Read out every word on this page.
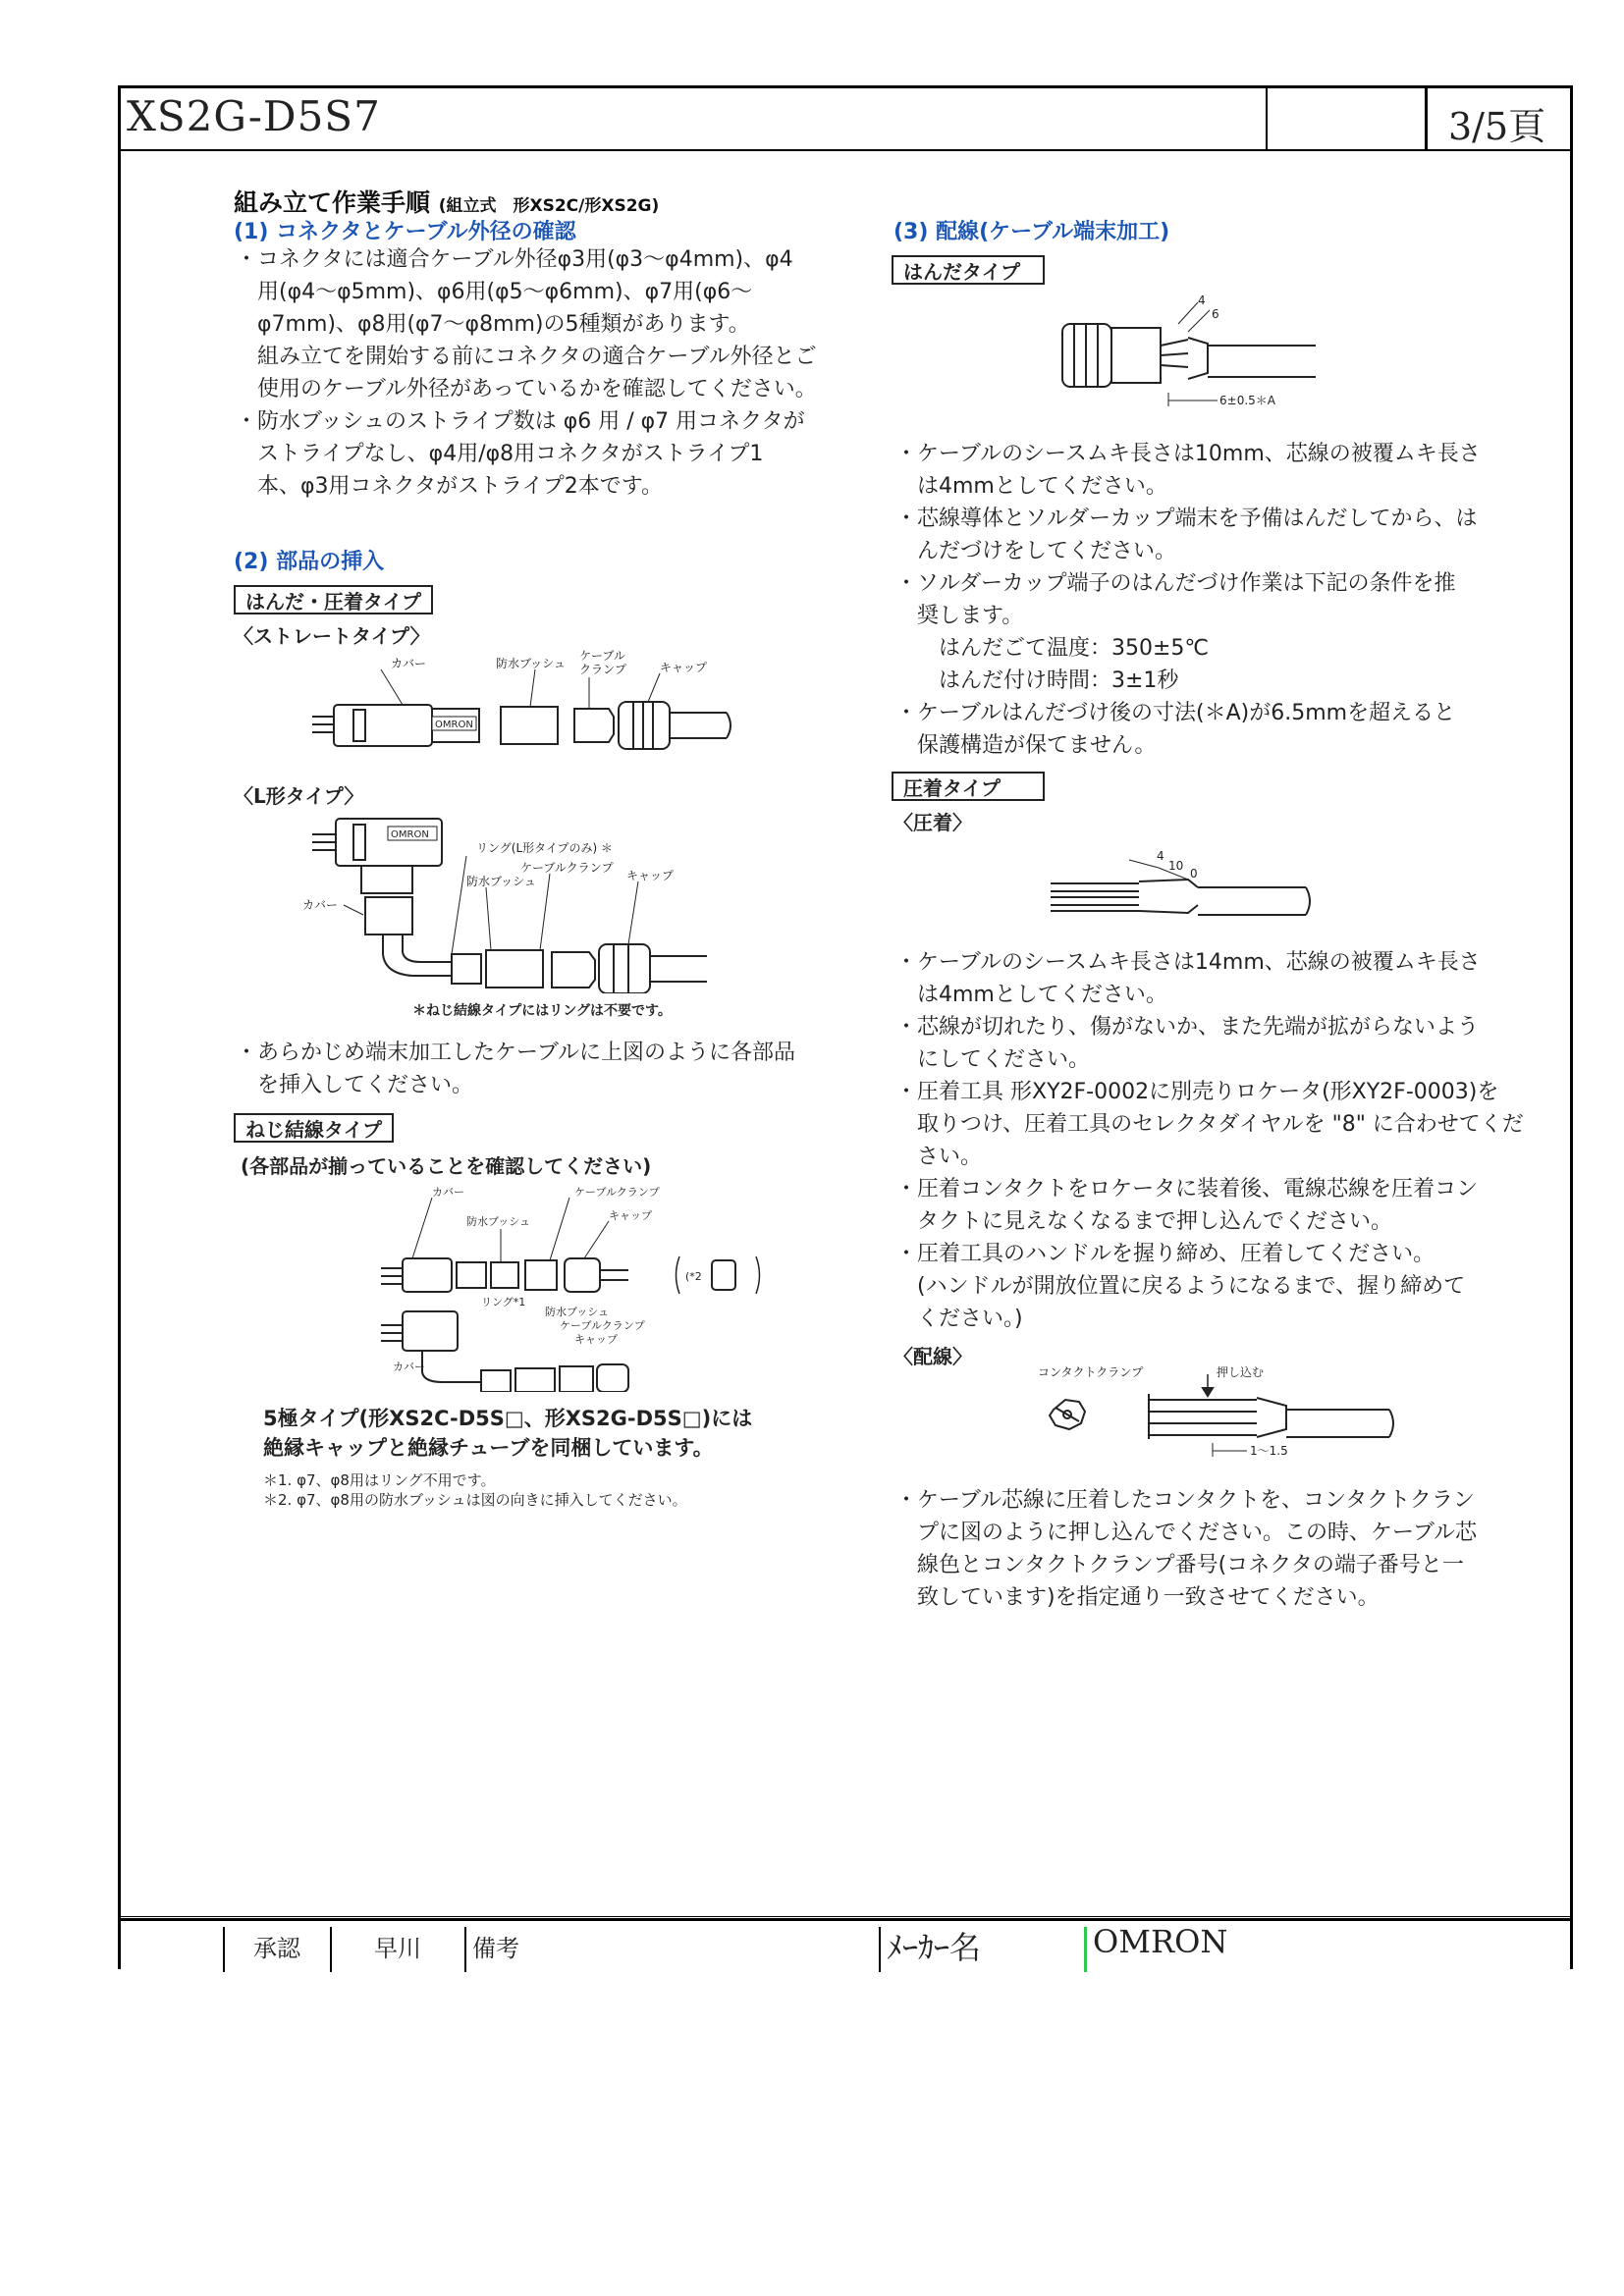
XS2G-D5S7	3/5頁
組み立て作業手順 (組立式　形XS2C/形XS2G)
(1) コネクタとケーブル外径の確認
・コネクタには適合ケーブル外径φ3用(φ3～φ4mm)、φ4
　用(φ4～φ5mm)、φ6用(φ5～φ6mm)、φ7用(φ6～
　φ7mm)、φ8用(φ7～φ8mm)の5種類があります。
　組み立てを開始する前にコネクタの適合ケーブル外径とご
　使用のケーブル外径があっているかを確認してください。
・防水ブッシュのストライプ数は φ6 用 / φ7 用コネクタが
　ストライプなし、φ4用/φ8用コネクタがストライプ1
　本、φ3用コネクタがストライプ2本です。
(2) 部品の挿入
はんだ・圧着タイプ
〈ストレートタイプ〉
OMRON
カバー	防水ブッシュ
ケーブル
クランプ	キャップ
〈L形タイプ〉
OMRON
リング(L形タイプのみ) ＊
ケーブルクランプ
防水ブッシュ	キャップ
カバー
＊ねじ結線タイプにはリングは不要です。
・あらかじめ端末加工したケーブルに上図のように各部品
　を挿入してください。
ねじ結線タイプ
(各部品が揃っていることを確認してください)
カバー	ケーブルクランプ
防水ブッシュ	キャップ
(*2
リング*1
防水ブッシュ
ケーブルクランプ
キャップ
カバー
5極タイプ(形XS2C-D5S□、形XS2G-D5S□)には
絶縁キャップと絶縁チューブを同梱しています。
＊1. φ7、φ8用はリング不用です。
＊2. φ7、φ8用の防水ブッシュは図の向きに挿入してください。
(3) 配線(ケーブル端末加工)
はんだタイプ
4
6
6±0.5＊A
・ケーブルのシースムキ長さは10mm、芯線の被覆ムキ長さ
　は4mmとしてください。
・芯線導体とソルダーカップ端末を予備はんだしてから、は
　んだづけをしてください。
・ソルダーカップ端子のはんだづけ作業は下記の条件を推
　奨します。
　　はんだごて温度：350±5℃
　　はんだ付け時間：3±1秒
・ケーブルはんだづけ後の寸法(＊A)が6.5mmを超えると
　保護構造が保てません。
圧着タイプ
〈圧着〉
4
10
0
・ケーブルのシースムキ長さは14mm、芯線の被覆ムキ長さ
　は4mmとしてください。
・芯線が切れたり、傷がないか、また先端が拡がらないよう
　にしてください。
・圧着工具 形XY2F-0002に別売りロケータ(形XY2F-0003)を
　取りつけ、圧着工具のセレクタダイヤルを "8" に合わせてくだ
　さい。
・圧着コンタクトをロケータに装着後、電線芯線を圧着コン
　タクトに見えなくなるまで押し込んでください。
・圧着工具のハンドルを握り締め、圧着してください。
　(ハンドルが開放位置に戻るようになるまで、握り締めて
　ください。)
〈配線〉
コンタクトクランプ	押し込む
1～1.5
・ケーブル芯線に圧着したコンタクトを、コンタクトクラン
　プに図のように押し込んでください。この時、ケーブル芯
　線色とコンタクトクランプ番号(コネクタの端子番号と一
　致しています)を指定通り一致させてください。
承認	早川 備考	ﾒｰｶｰ名	OMRON
